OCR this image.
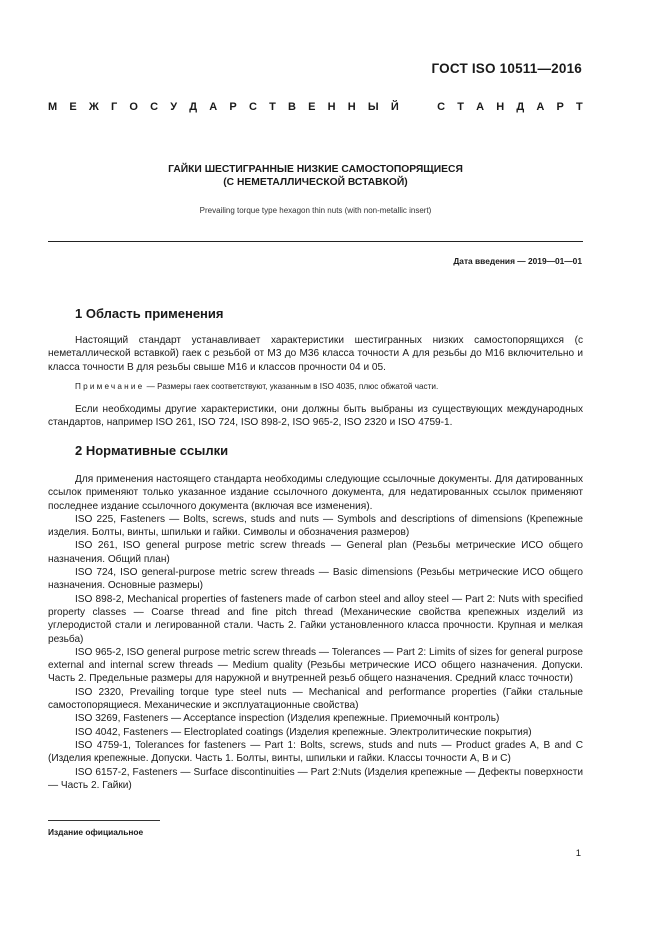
ГОСТ ISO 10511—2016
М Е Ж Г О С У Д А Р С Т В Е Н Н Ы Й	С Т А Н Д А Р Т
ГАЙКИ ШЕСТИГРАННЫЕ НИЗКИЕ САМОСТОПОРЯЩИЕСЯ
(С НЕМЕТАЛЛИЧЕСКОЙ ВСТАВКОЙ)
Prevailing torque type hexagon thin nuts (with non-metallic insert)
Дата введения — 2019—01—01
1 Область применения
Настоящий стандарт устанавливает характеристики шестигранных низких самостопорящихся (с неметаллической вставкой) гаек с резьбой от М3 до М36 класса точности А для резьбы до М16 включительно и класса точности В для резьбы свыше М16 и классов прочности 04 и 05.
Примечание — Размеры гаек соответствуют, указанным в ISO 4035, плюс обжатой части.
Если необходимы другие характеристики, они должны быть выбраны из существующих международных стандартов, например ISO 261, ISO 724, ISO 898-2, ISO 965-2, ISO 2320 и ISO 4759-1.
2 Нормативные ссылки

Для применения настоящего стандарта необходимы следующие ссылочные документы. Для датированных ссылок применяют только указанное издание ссылочного документа, для недатированных ссылок применяют последнее издание ссылочного документа (включая все изменения).

ISO 225, Fasteners — Bolts, screws, studs and nuts — Symbols and descriptions of dimensions (Крепежные изделия. Болты, винты, шпильки и гайки. Символы и обозначения размеров)

ISO 261, ISO general purpose metric screw threads — General plan (Резьбы метрические ИСО общего назначения. Общий план)

ISO 724, ISO general-purpose metric screw threads — Basic dimensions (Резьбы метрические ИСО общего назначения. Основные размеры)

ISO 898-2, Mechanical properties of fasteners made of carbon steel and alloy steel — Part 2: Nuts with specified property classes — Coarse thread and fine pitch thread (Механические свойства крепежных изделий из углеродистой стали и легированной стали. Часть 2. Гайки установленного класса прочности. Крупная и мелкая резьба)

ISO 965-2, ISO general purpose metric screw threads — Tolerances — Part 2: Limits of sizes for general purpose external and internal screw threads — Medium quality (Резьбы метрические ИСО общего назначения. Допуски. Часть 2. Предельные размеры для наружной и внутренней резьб общего назначения. Средний класс точности)

ISO 2320, Prevailing torque type steel nuts — Mechanical and performance properties (Гайки стальные самостопорящиеся. Механические и эксплуатационные свойства)

ISO 3269, Fasteners — Acceptance inspection (Изделия крепежные. Приемочный контроль)

ISO 4042, Fasteners — Electroplated coatings (Изделия крепежные. Электролитические покрытия)

ISO 4759-1, Tolerances for fasteners — Part 1: Bolts, screws, studs and nuts — Product grades A, B and C (Изделия крепежные. Допуски. Часть 1. Болты, винты, шпильки и гайки. Классы точности А, В и С)

ISO 6157-2, Fasteners — Surface discontinuities — Part 2:Nuts (Изделия крепежные — Дефекты поверхности — Часть 2. Гайки)

Издание официальное
1
